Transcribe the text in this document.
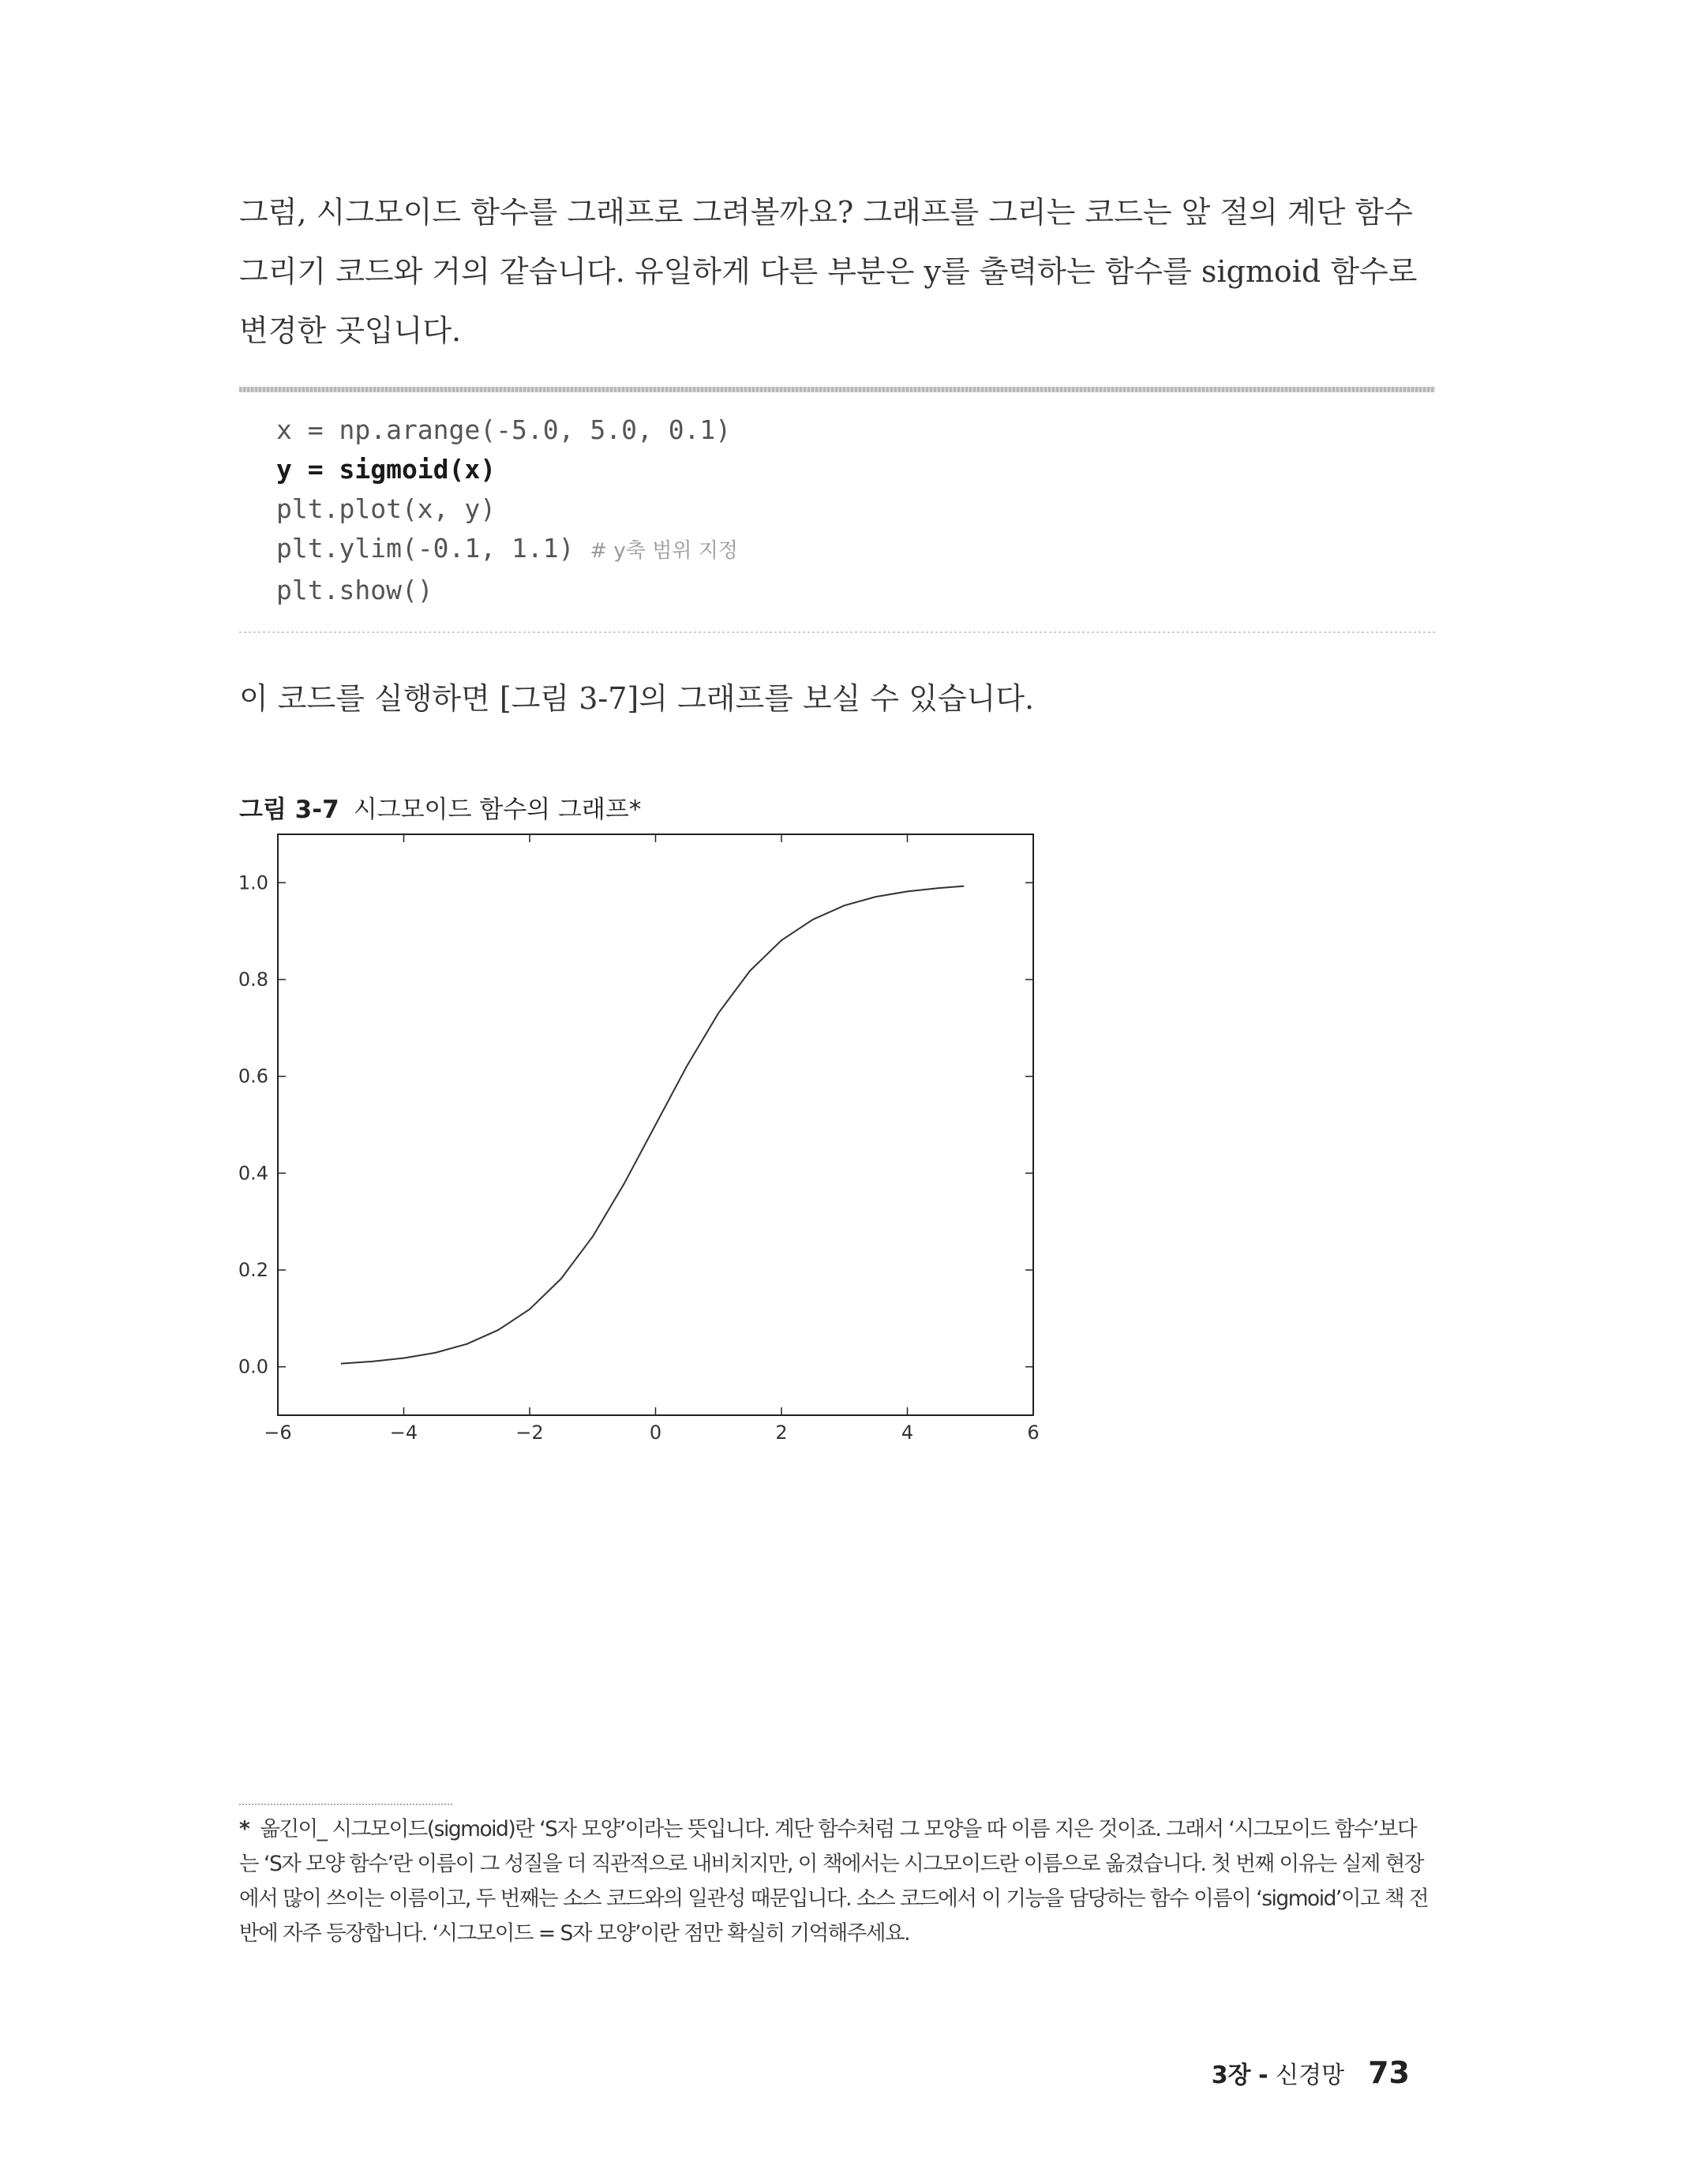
그럼, 시그모이드 함수를 그래프로 그려볼까요? 그래프를 그리는 코드는 앞 절의 계단 함수 그리기 코드와 거의 같습니다. 유일하게 다른 부분은 y를 출력하는 함수를 sigmoid 함수로 변경한 곳입니다.

x = np.arange(-5.0, 5.0, 0.1)
y = sigmoid(x)
plt.plot(x, y)
plt.ylim(-0.1, 1.1) # y축 범위 지정
plt.show()

이 코드를 실행하면 [그림 3-7]의 그래프를 보실 수 있습니다.

그림 3-7 시그모이드 함수의 그래프*
−6	−4	−2	0	2	4	6
0.0
0.2
0.4
0.6
0.8
1.0

* 옮긴이_ 시그모이드(sigmoid)란 ‘S자 모양’이라는 뜻입니다. 계단 함수처럼 그 모양을 따 이름 지은 것이죠. 그래서 ‘시그모이드 함수’보다는 ‘S자 모양 함수’란 이름이 그 성질을 더 직관적으로 내비치지만, 이 책에서는 시그모이드란 이름으로 옮겼습니다. 첫 번째 이유는 실제 현장에서 많이 쓰이는 이름이고, 두 번째는 소스 코드와의 일관성 때문입니다. 소스 코드에서 이 기능을 담당하는 함수 이름이 ‘sigmoid’이고 책 전반에 자주 등장합니다. ‘시그모이드 = S자 모양’이란 점만 확실히 기억해주세요.

3장 - 신경망 73
